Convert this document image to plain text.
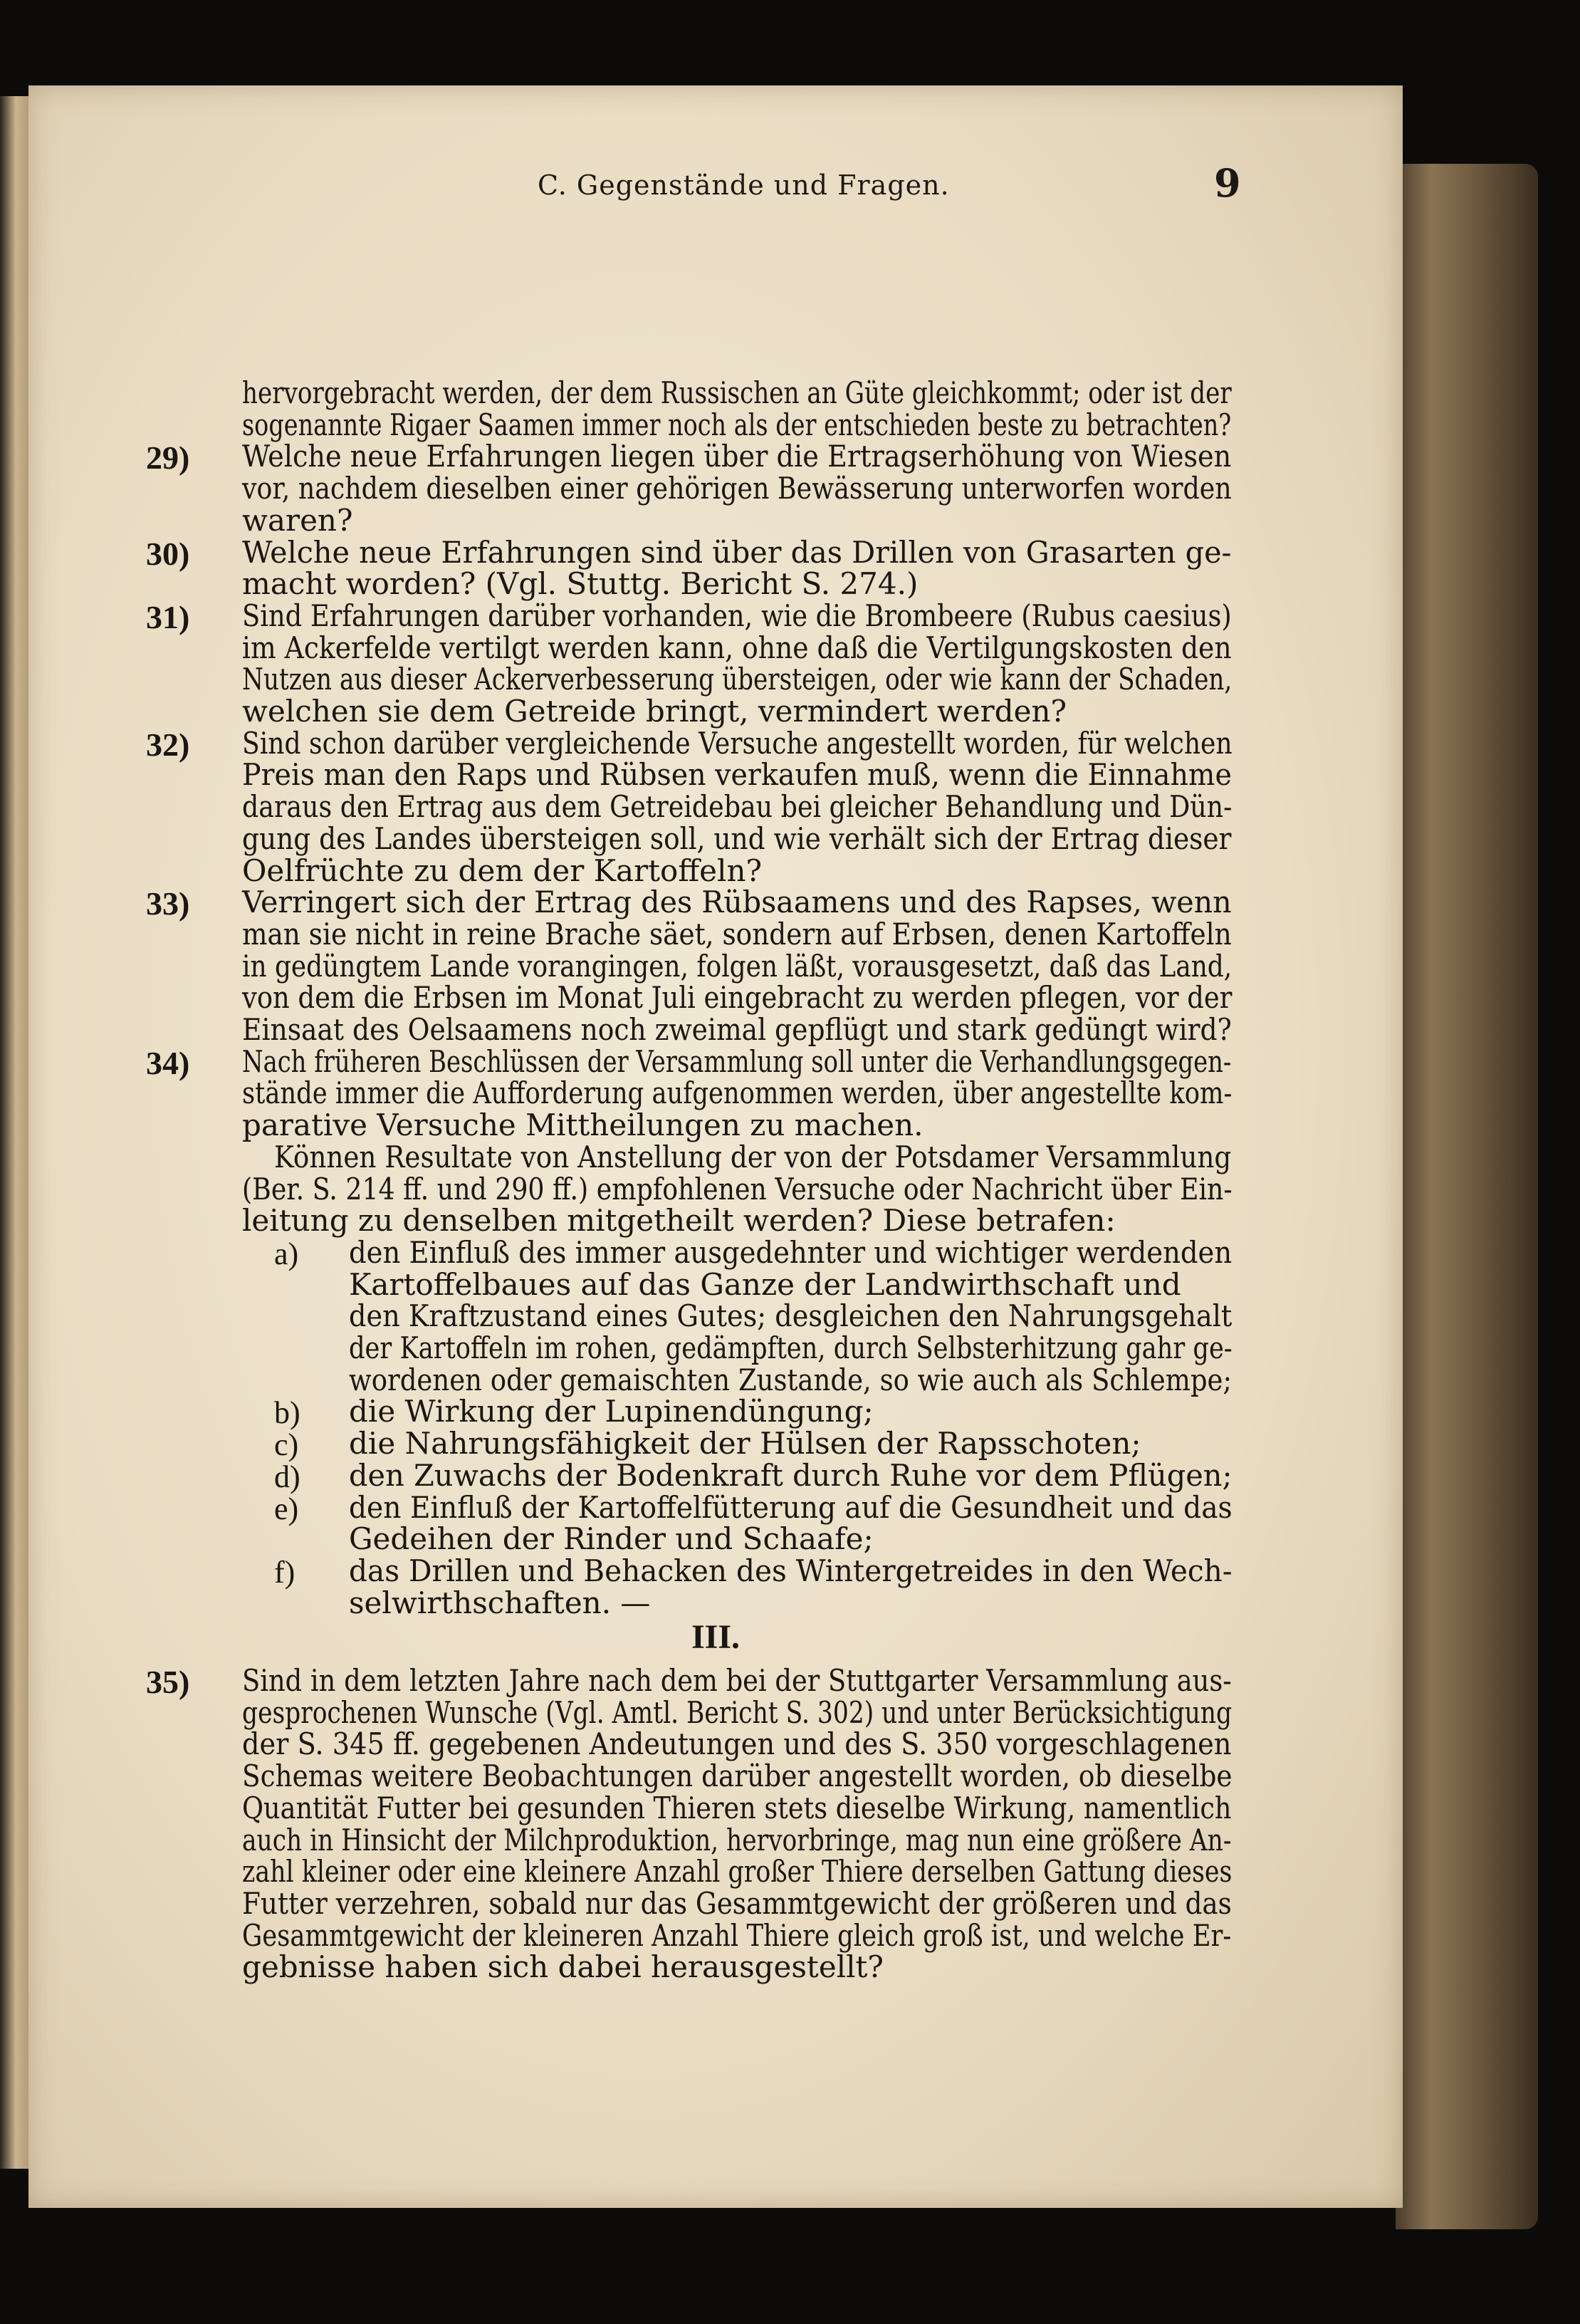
C. Gegenstände und Fragen.	9
hervorgebracht werden, der dem Russischen an Güte gleichkommt; oder ist der
sogenannte Rigaer Saamen immer noch als der entschieden beste zu betrachten?
29) Welche neue Erfahrungen liegen über die Ertragserhöhung von Wiesen
vor, nachdem dieselben einer gehörigen Bewässerung unterworfen worden
waren?
30) Welche neue Erfahrungen sind über das Drillen von Grasarten ge-
macht worden? (Vgl. Stuttg. Bericht S. 274.)
31) Sind Erfahrungen darüber vorhanden, wie die Brombeere (Rubus caesius)
im Ackerfelde vertilgt werden kann, ohne daß die Vertilgungskosten den
Nutzen aus dieser Ackerverbesserung übersteigen, oder wie kann der Schaden,
welchen sie dem Getreide bringt, vermindert werden?
32) Sind schon darüber vergleichende Versuche angestellt worden, für welchen
Preis man den Raps und Rübsen verkaufen muß, wenn die Einnahme
daraus den Ertrag aus dem Getreidebau bei gleicher Behandlung und Dün-
gung des Landes übersteigen soll, und wie verhält sich der Ertrag dieser
Oelfrüchte zu dem der Kartoffeln?
33) Verringert sich der Ertrag des Rübsaamens und des Rapses, wenn
man sie nicht in reine Brache säet, sondern auf Erbsen, denen Kartoffeln
in gedüngtem Lande vorangingen, folgen läßt, vorausgesetzt, daß das Land,
von dem die Erbsen im Monat Juli eingebracht zu werden pflegen, vor der
Einsaat des Oelsaamens noch zweimal gepflügt und stark gedüngt wird?
34) Nach früheren Beschlüssen der Versammlung soll unter die Verhandlungsgegen-
stände immer die Aufforderung aufgenommen werden, über angestellte kom-
parative Versuche Mittheilungen zu machen.
Können Resultate von Anstellung der von der Potsdamer Versammlung
(Ber. S. 214 ff. und 290 ff.) empfohlenen Versuche oder Nachricht über Ein-
leitung zu denselben mitgetheilt werden? Diese betrafen:
a) den Einfluß des immer ausgedehnter und wichtiger werdenden
Kartoffelbaues auf das Ganze der Landwirthschaft und
den Kraftzustand eines Gutes; desgleichen den Nahrungsgehalt
der Kartoffeln im rohen, gedämpften, durch Selbsterhitzung gahr ge-
wordenen oder gemaischten Zustande, so wie auch als Schlempe;
b) die Wirkung der Lupinendüngung;
c) die Nahrungsfähigkeit der Hülsen der Rapsschoten;
d) den Zuwachs der Bodenkraft durch Ruhe vor dem Pflügen;
e) den Einfluß der Kartoffelfütterung auf die Gesundheit und das
Gedeihen der Rinder und Schaafe;
f) das Drillen und Behacken des Wintergetreides in den Wech-
selwirthschaften. —
III.
35) Sind in dem letzten Jahre nach dem bei der Stuttgarter Versammlung aus-
gesprochenen Wunsche (Vgl. Amtl. Bericht S. 302) und unter Berücksichtigung
der S. 345 ff. gegebenen Andeutungen und des S. 350 vorgeschlagenen
Schemas weitere Beobachtungen darüber angestellt worden, ob dieselbe
Quantität Futter bei gesunden Thieren stets dieselbe Wirkung, namentlich
auch in Hinsicht der Milchproduktion, hervorbringe, mag nun eine größere An-
zahl kleiner oder eine kleinere Anzahl großer Thiere derselben Gattung dieses
Futter verzehren, sobald nur das Gesammtgewicht der größeren und das
Gesammtgewicht der kleineren Anzahl Thiere gleich groß ist, und welche Er-
gebnisse haben sich dabei herausgestellt?
